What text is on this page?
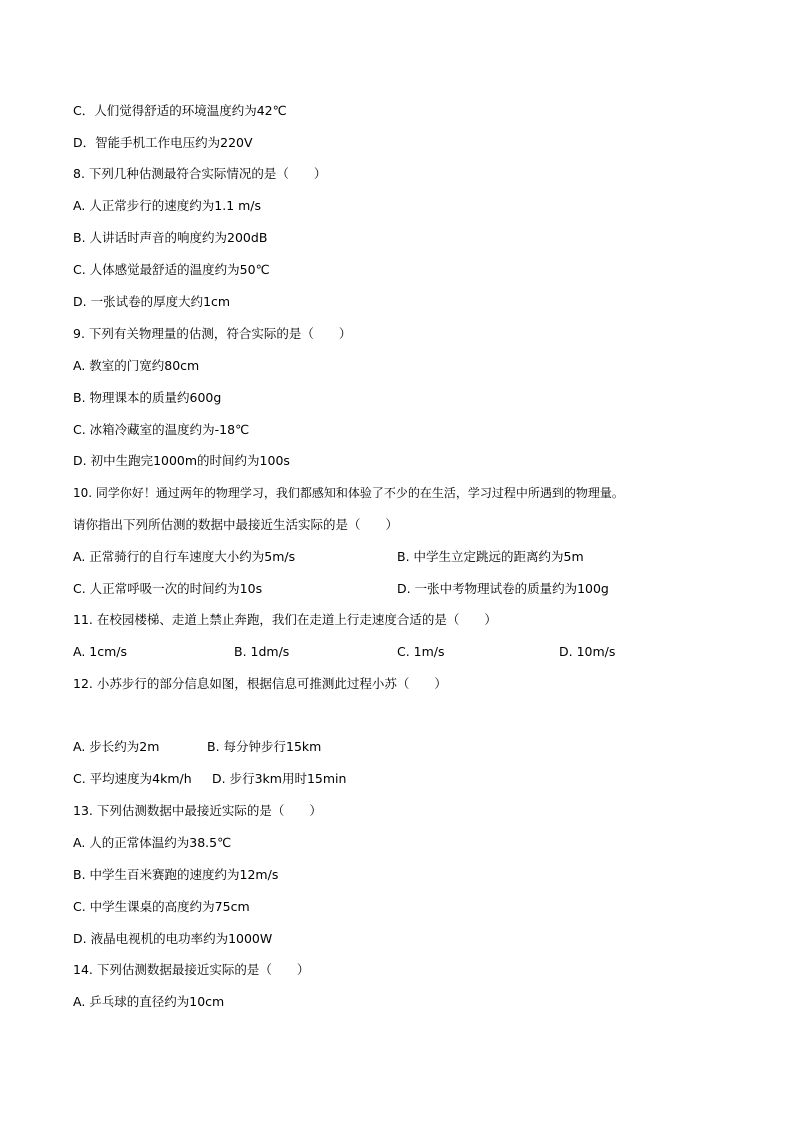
C．人们觉得舒适的环境温度约为42℃
D．智能手机工作电压约为220V
8. 下列几种估测最符合实际情况的是（　　）
A. 人正常步行的速度约为1.1 m/s
B. 人讲话时声音的响度约为200dB
C. 人体感觉最舒适的温度约为50℃
D. 一张试卷的厚度大约1cm
9. 下列有关物理量的估测，符合实际的是（　　）
A. 教室的门宽约80cm
B. 物理课本的质量约600g
C. 冰箱冷藏室的温度约为-18℃
D. 初中生跑完1000m的时间约为100s
10. 同学你好！通过两年的物理学习，我们都感知和体验了不少的在生活，学习过程中所遇到的物理量。
请你指出下列所估测的数据中最接近生活实际的是（　　）
A. 正常骑行的自行车速度大小约为5m/s	B. 中学生立定跳远的距离约为5m
C. 人正常呼吸一次的时间约为10s	D. 一张中考物理试卷的质量约为100g
11. 在校园楼梯、走道上禁止奔跑，我们在走道上行走速度合适的是（　　）
A. 1cm/s	B. 1dm/s	C. 1m/s	D. 10m/s
12. 小苏步行的部分信息如图，根据信息可推测此过程小苏（　　）
A. 步长约为2m	B. 每分钟步行15km
C. 平均速度为4km/h D. 步行3km用时15min
13. 下列估测数据中最接近实际的是（　　）
A. 人的正常体温约为38.5℃
B. 中学生百米赛跑的速度约为12m/s
C. 中学生课桌的高度约为75cm
D. 液晶电视机的电功率约为1000W
14. 下列估测数据最接近实际的是（　　）
A. 乒乓球的直径约为10cm
